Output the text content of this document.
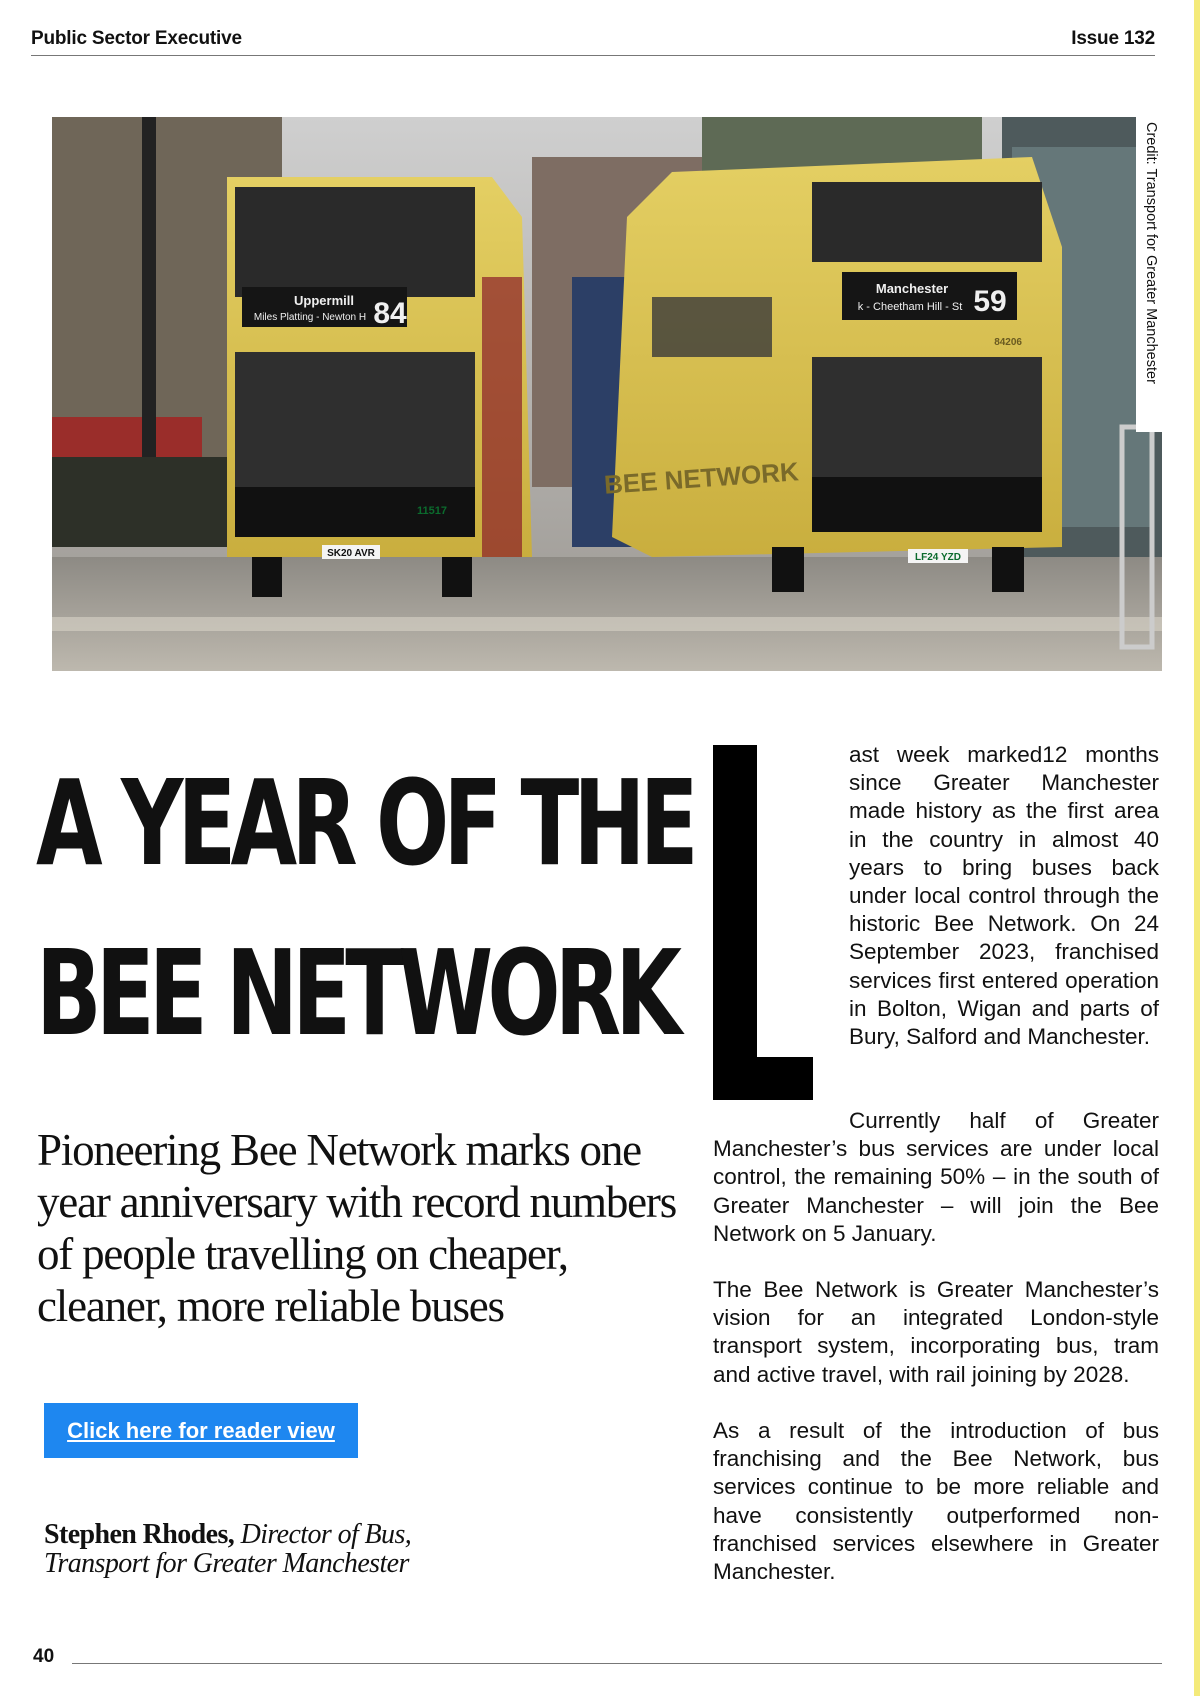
Public Sector Executive	Issue 132
Uppermill
Miles Platting - Newton H 84
SK20 AVR
11517
Manchester
k - Cheetham Hill - St 59
84206
BEE NETWORK
LF24 YZD
Credit: Transport for Greater Manchester
A YEAR OF THE
BEE NETWORK

Pioneering Bee Network marks one year anniversary with record numbers of people travelling on cheaper, cleaner, more reliable buses

Click here for reader view
Stephen Rhodes, Director of Bus,
Transport for Greater Manchester

ast week marked12 months since Greater Manchester made history as the first area in the country in almost 40 years to bring buses back under local control through the historic Bee Network. On 24 September 2023, franchised services first entered operation in Bolton, Wigan and parts of Bury, Salford and Manchester.

Currently half of Greater Manchester’s bus services are under local control, the remaining 50% – in the south of Greater Manchester – will join the Bee Network on 5 January.

The Bee Network is Greater Manchester’s vision for an integrated London-style transport system, incorporating bus, tram and active travel, with rail joining by 2028.

As a result of the introduction of bus franchising and the Bee Network, bus services continue to be more reliable and have consistently outperformed non-franchised services elsewhere in Greater Manchester.

40
